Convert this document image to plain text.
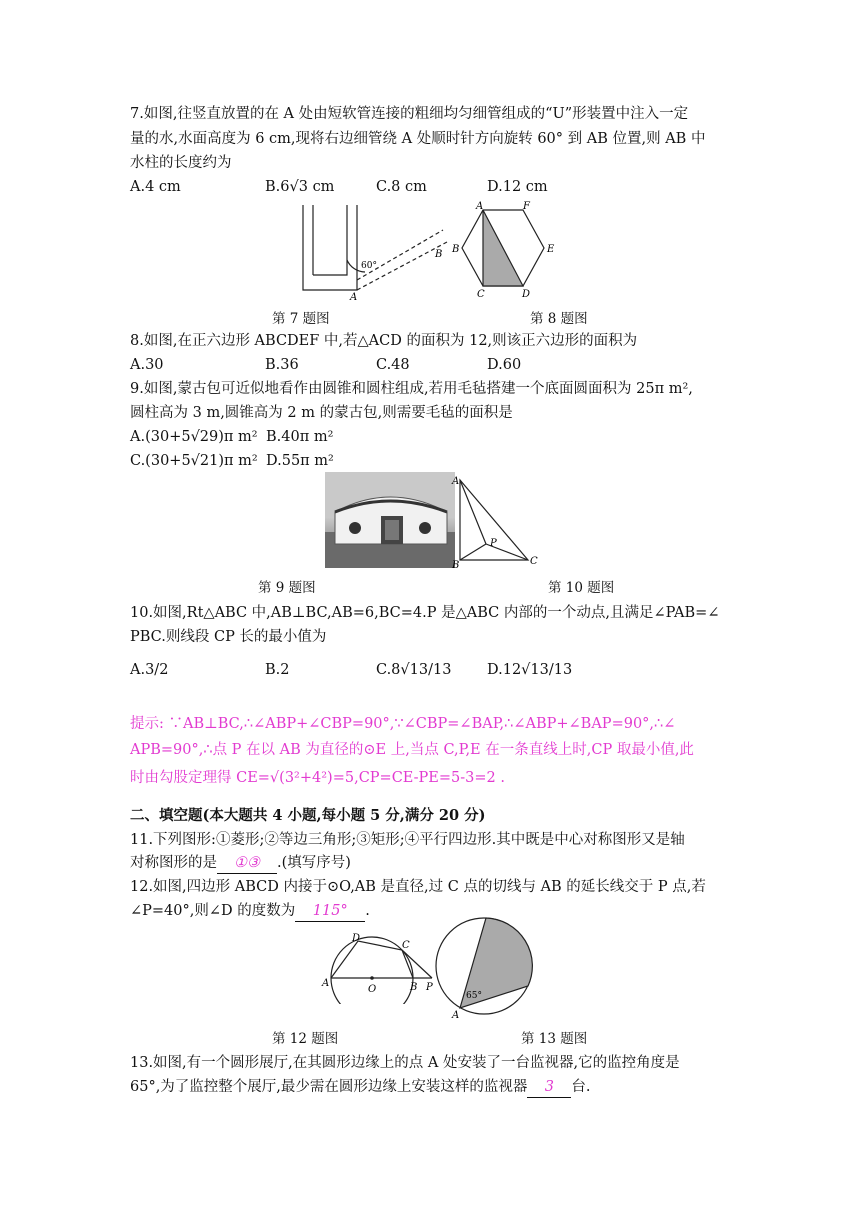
7.如图,往竖直放置的在 A 处由短软管连接的粗细均匀细管组成的“U”形装置中注入一定
量的水,水面高度为 6 cm,现将右边细管绕 A 处顺时针方向旋转 60° 到 AB 位置,则 AB 中
水柱的长度约为
A.4 cm	B.6√3 cm	C.8 cm	D.12 cm
60°
B
A
第 7 题图
A	F
B	E
C	D
第 8 题图
8.如图,在正六边形 ABCDEF 中,若△ACD 的面积为 12,则该正六边形的面积为
A.30	B.36	C.48	D.60
9.如图,蒙古包可近似地看作由圆锥和圆柱组成,若用毛毡搭建一个底面圆面积为 25π m²,
圆柱高为 3 m,圆锥高为 2 m 的蒙古包,则需要毛毡的面积是
A.(30+5√29)π m² B.40π m²
C.(30+5√21)π m² D.55π m²
A
P
B	C
第 9 题图	第 10 题图
10.如图,Rt△ABC 中,AB⊥BC,AB=6,BC=4.P 是△ABC 内部的一个动点,且满足∠PAB=∠
PBC.则线段 CP 长的最小值为
A.3/2	B.2	C.8√13/13 D.12√13/13
提示: ∵AB⊥BC,∴∠ABP+∠CBP=90°,∵∠CBP=∠BAP,∴∠ABP+∠BAP=90°,∴∠
APB=90°,∴点 P 在以 AB 为直径的⊙E 上,当点 C,P,E 在一条直线上时,CP 取最小值,此
时由勾股定理得 CE=√(3²+4²)=5,CP=CE-PE=5-3=2 .
二、填空题(本大题共 4 小题,每小题 5 分,满分 20 分)
11.下列图形:①菱形;②等边三角形;③矩形;④平行四边形.其中既是中心对称图形又是轴
对称图形的是 ①③ .(填写序号)
12.如图,四边形 ABCD 内接于⊙O,AB 是直径,过 C 点的切线与 AB 的延长线交于 P 点,若
∠P=40°,则∠D 的度数为 115° .
D
C
A
O	B P
65°
A
第 12 题图	第 13 题图
13.如图,有一个圆形展厅,在其圆形边缘上的点 A 处安装了一台监视器,它的监控角度是
65°,为了监控整个展厅,最少需在圆形边缘上安装这样的监视器 3 台.
